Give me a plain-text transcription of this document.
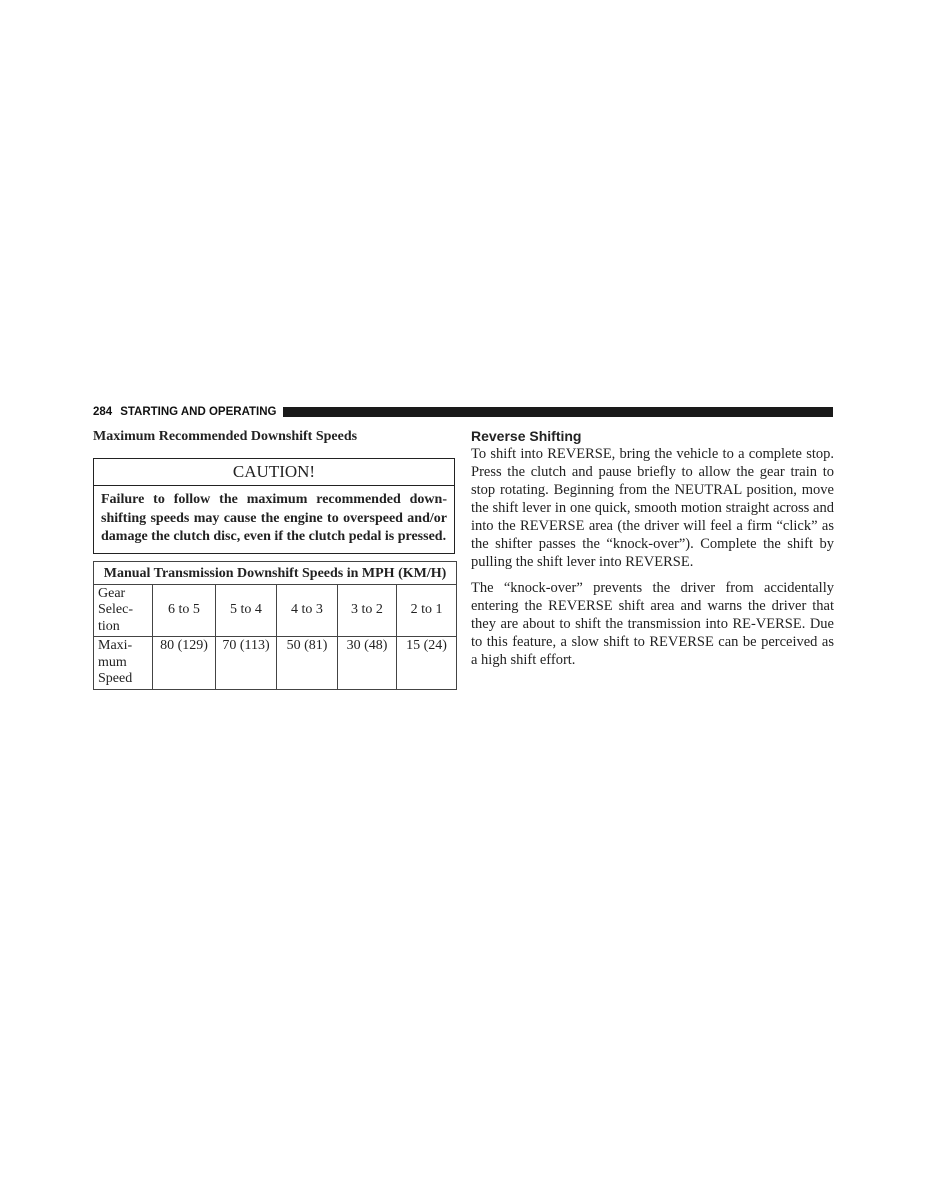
284 STARTING AND OPERATING
Maximum Recommended Downshift Speeds
CAUTION!
Failure to follow the maximum recommended down-shifting speeds may cause the engine to overspeed and/or damage the clutch disc, even if the clutch pedal is pressed.
Manual Transmission Downshift Speeds in MPH (KM/H)					
Gear Selec-tion	6 to 5	5 to 4	4 to 3	3 to 2	2 to 1
Maxi-mum Speed	80 (129)	70 (113)	50 (81)	30 (48)	15 (24)
Reverse Shifting

To shift into REVERSE, bring the vehicle to a complete stop. Press the clutch and pause briefly to allow the gear train to stop rotating. Beginning from the NEUTRAL position, move the shift lever in one quick, smooth motion straight across and into the REVERSE area (the driver will feel a firm “click” as the shifter passes the “knock-over”). Complete the shift by pulling the shift lever into REVERSE.

The “knock-over” prevents the driver from accidentally entering the REVERSE shift area and warns the driver that they are about to shift the transmission into RE-VERSE. Due to this feature, a slow shift to REVERSE can be perceived as a high shift effort.
